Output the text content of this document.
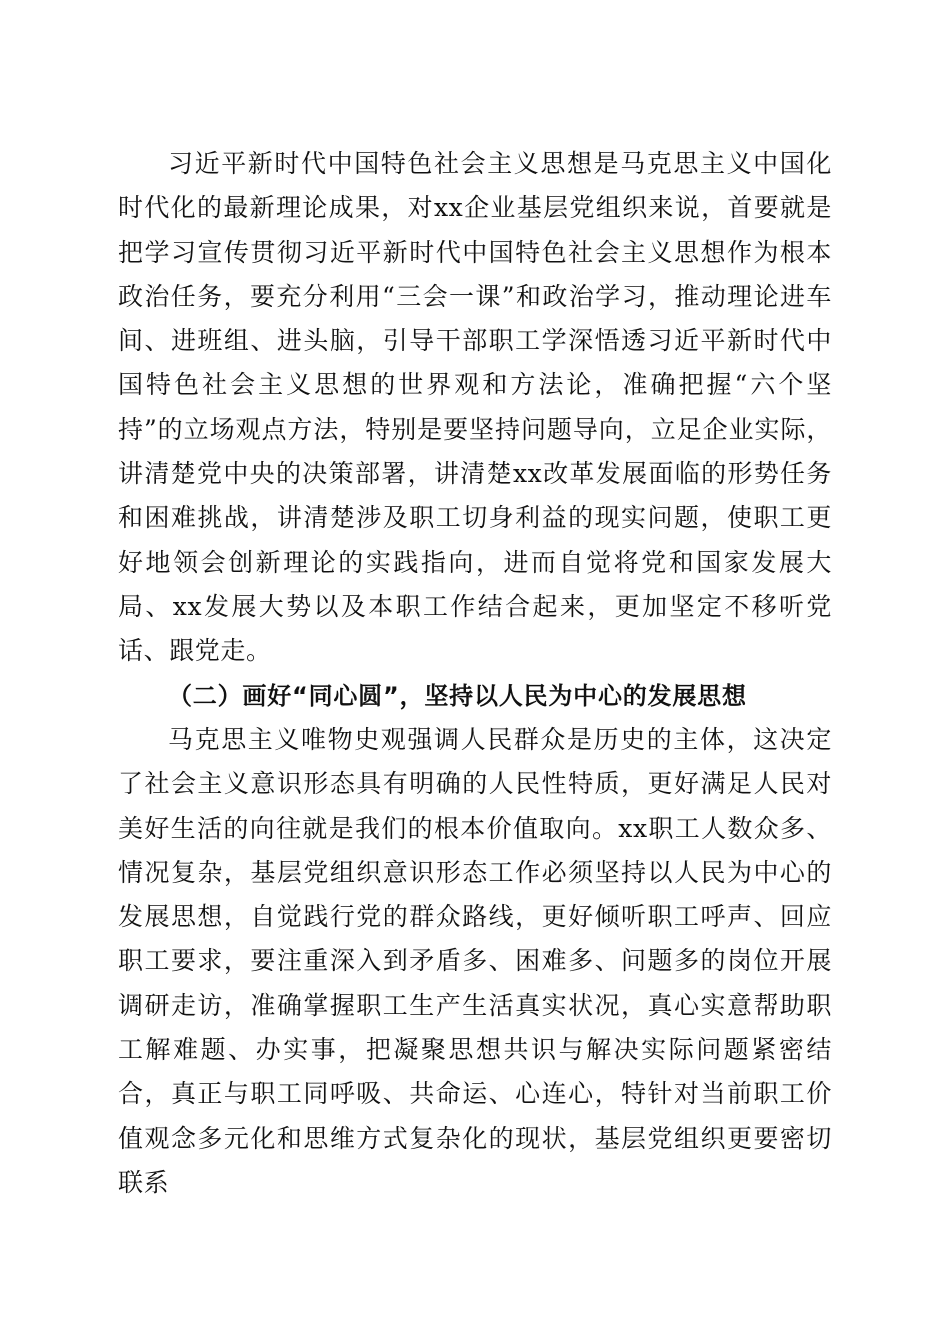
习近平新时代中国特色社会主义思想是马克思主义中国化时代化的最新理论成果，对xx企业基层党组织来说，首要就是把学习宣传贯彻习近平新时代中国特色社会主义思想作为根本政治任务，要充分利用“三会一课”和政治学习，推动理论进车间、进班组、进头脑，引导干部职工学深悟透习近平新时代中国特色社会主义思想的世界观和方法论，准确把握“六个坚持”的立场观点方法，特别是要坚持问题导向，立足企业实际，讲清楚党中央的决策部署，讲清楚xx改革发展面临的形势任务和困难挑战，讲清楚涉及职工切身利益的现实问题，使职工更好地领会创新理论的实践指向，进而自觉将党和国家发展大局、xx发展大势以及本职工作结合起来，更加坚定不移听党话、跟党走。

（二）画好“同心圆”，坚持以人民为中心的发展思想

马克思主义唯物史观强调人民群众是历史的主体，这决定了社会主义意识形态具有明确的人民性特质，更好满足人民对美好生活的向往就是我们的根本价值取向。xx职工人数众多、情况复杂，基层党组织意识形态工作必须坚持以人民为中心的发展思想，自觉践行党的群众路线，更好倾听职工呼声、回应职工要求，要注重深入到矛盾多、困难多、问题多的岗位开展调研走访，准确掌握职工生产生活真实状况，真心实意帮助职工解难题、办实事，把凝聚思想共识与解决实际问题紧密结合，真正与职工同呼吸、共命运、心连心，特针对当前职工价值观念多元化和思维方式复杂化的现状，基层党组织更要密切联系
